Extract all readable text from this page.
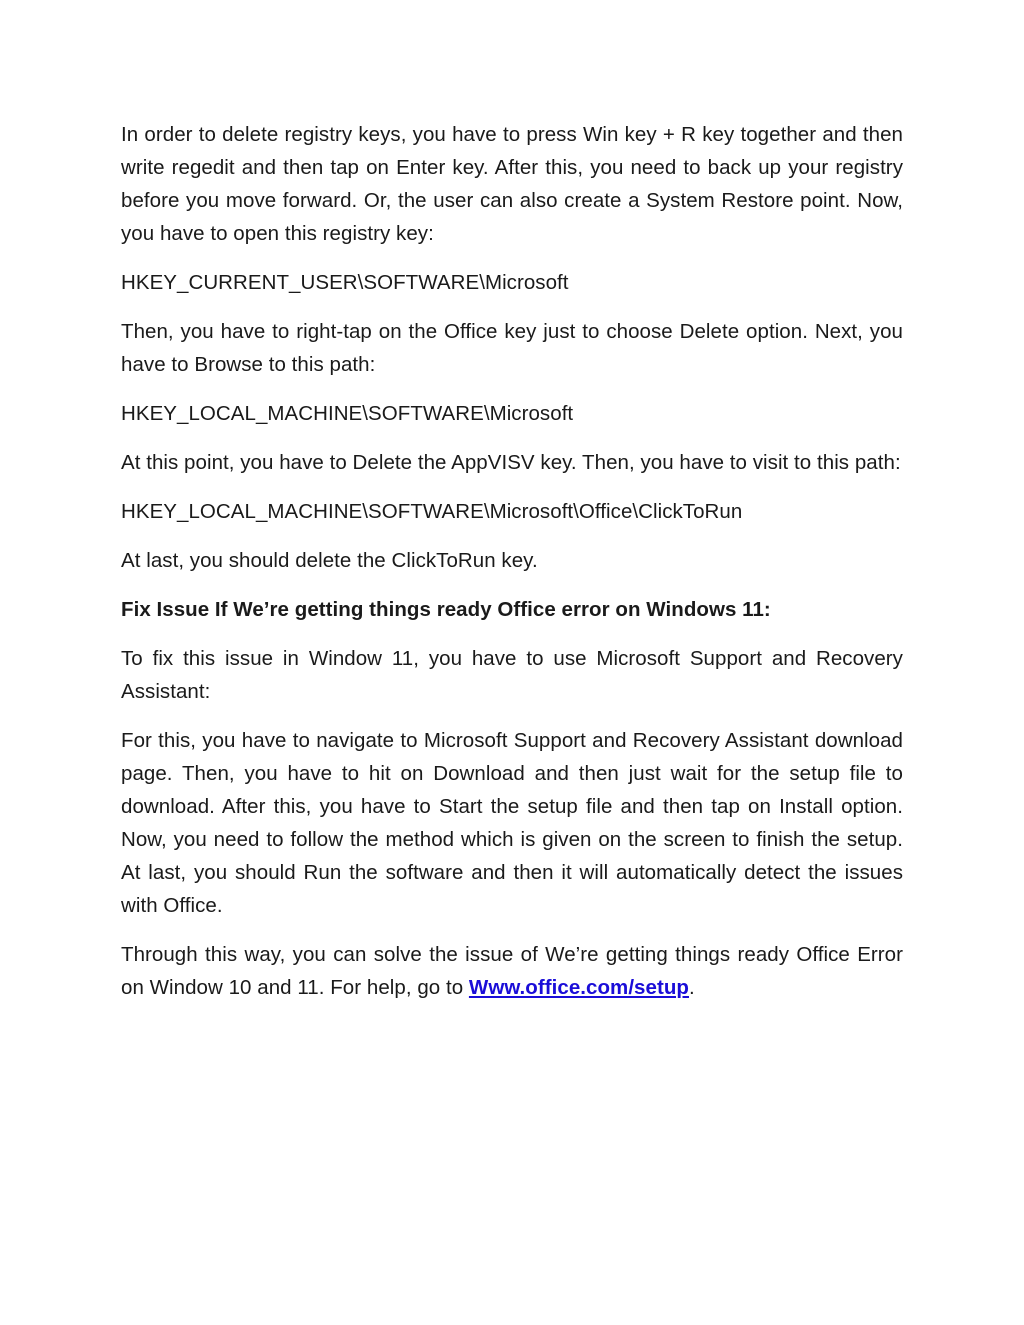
In order to delete registry keys, you have to press Win key + R key together and then write regedit and then tap on Enter key. After this, you need to back up your registry before you move forward. Or, the user can also create a System Restore point. Now, you have to open this registry key:

HKEY_CURRENT_USER\SOFTWARE\Microsoft

Then, you have to right-tap on the Office key just to choose Delete option. Next, you have to Browse to this path:

HKEY_LOCAL_MACHINE\SOFTWARE\Microsoft

At this point, you have to Delete the AppVISV key. Then, you have to visit to this path:

HKEY_LOCAL_MACHINE\SOFTWARE\Microsoft\Office\ClickToRun

At last, you should delete the ClickToRun key.

Fix Issue If We’re getting things ready Office error on Windows 11:

To fix this issue in Window 11, you have to use Microsoft Support and Recovery Assistant:

For this, you have to navigate to Microsoft Support and Recovery Assistant download page. Then, you have to hit on Download and then just wait for the setup file to download. After this, you have to Start the setup file and then tap on Install option. Now, you need to follow the method which is given on the screen to finish the setup. At last, you should Run the software and then it will automatically detect the issues with Office.

Through this way, you can solve the issue of We’re getting things ready Office Error on Window 10 and 11. For help, go to Www.office.com/setup.
